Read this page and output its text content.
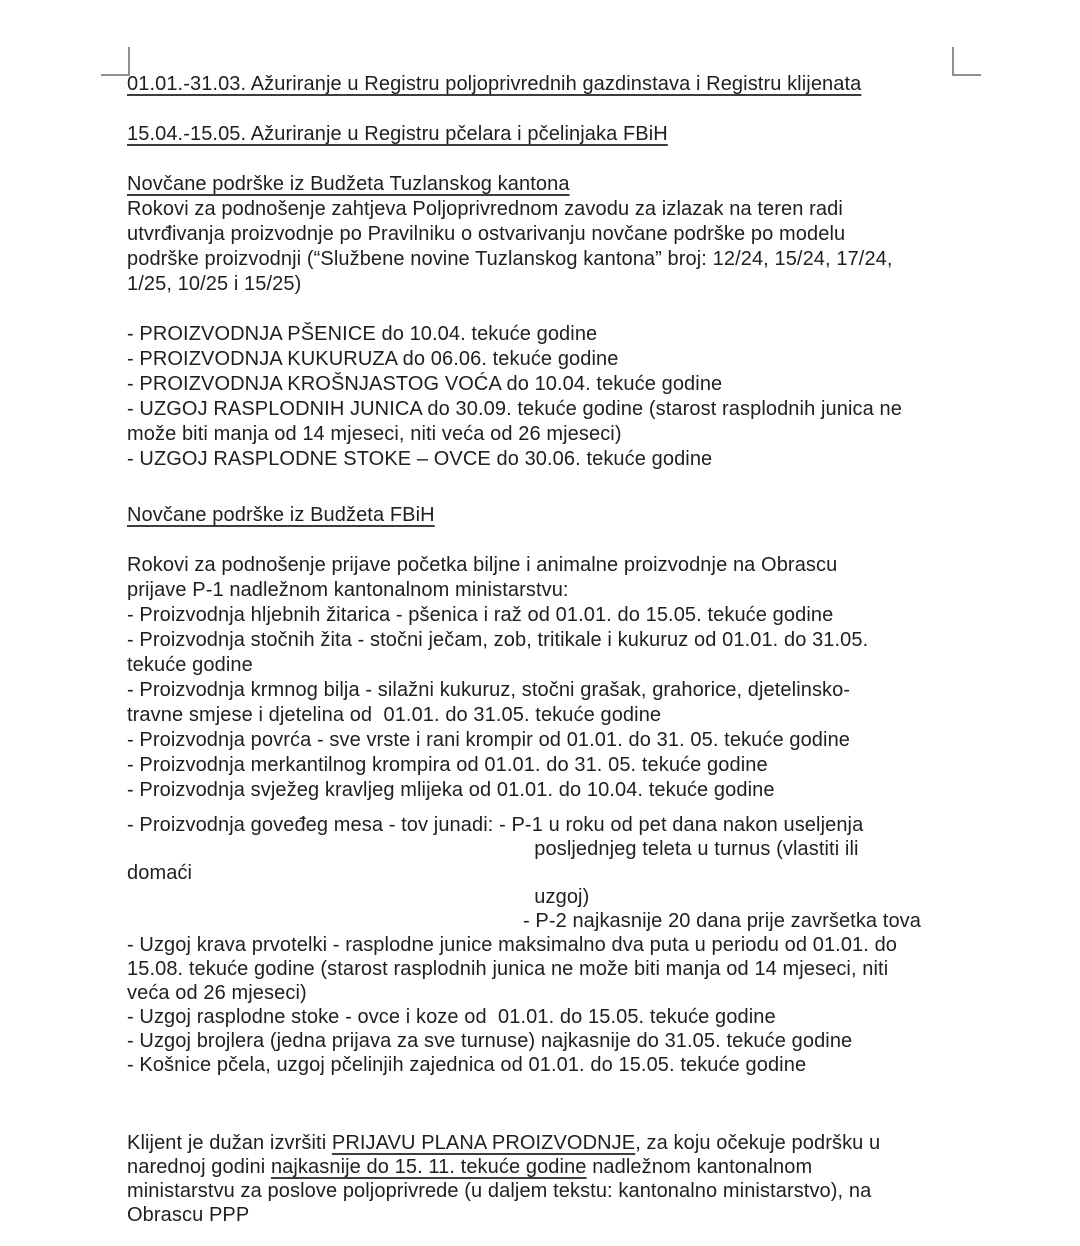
01.01.-31.03. Ažuriranje u Registru poljoprivrednih gazdinstava i Registru klijenata
15.04.-15.05. Ažuriranje u Registru pčelara i pčelinjaka FBiH
Novčane podrške iz Budžeta Tuzlanskog kantona
Rokovi za podnošenje zahtjeva Poljoprivrednom zavodu za izlazak na teren radi
utvrđivanja proizvodnje po Pravilniku o ostvarivanju novčane podrške po modelu
podrške proizvodnji (“Službene novine Tuzlanskog kantona” broj: 12/24, 15/24, 17/24,
1/25, 10/25 i 15/25)
- PROIZVODNJA PŠENICE do 10.04. tekuće godine
- PROIZVODNJA KUKURUZA do 06.06. tekuće godine
- PROIZVODNJA KROŠNJASTOG VOĆA do 10.04. tekuće godine
- UZGOJ RASPLODNIH JUNICA do 30.09. tekuće godine (starost rasplodnih junica ne
može biti manja od 14 mjeseci, niti veća od 26 mjeseci)
- UZGOJ RASPLODNE STOKE – OVCE do 30.06. tekuće godine
Novčane podrške iz Budžeta FBiH
Rokovi za podnošenje prijave početka biljne i animalne proizvodnje na Obrascu
prijave P-1 nadležnom kantonalnom ministarstvu:
- Proizvodnja hljebnih žitarica - pšenica i raž od 01.01. do 15.05. tekuće godine
- Proizvodnja stočnih žita - stočni ječam, zob, tritikale i kukuruz od 01.01. do 31.05.
tekuće godine
- Proizvodnja krmnog bilja - silažni kukuruz, stočni grašak, grahorice, djetelinsko-
travne smjese i djetelina od  01.01. do 31.05. tekuće godine
- Proizvodnja povrća - sve vrste i rani krompir od 01.01. do 31. 05. tekuće godine
- Proizvodnja merkantilnog krompira od 01.01. do 31. 05. tekuće godine
- Proizvodnja svježeg kravljeg mlijeka od 01.01. do 10.04. tekuće godine
- Proizvodnja goveđeg mesa - tov junadi: - P-1 u roku od pet dana nakon useljenja
posljednjeg teleta u turnus (vlastiti ili
domaći
uzgoj)
- P-2 najkasnije 20 dana prije završetka tova
- Uzgoj krava prvotelki - rasplodne junice maksimalno dva puta u periodu od 01.01. do
15.08. tekuće godine (starost rasplodnih junica ne može biti manja od 14 mjeseci, niti
veća od 26 mjeseci)
- Uzgoj rasplodne stoke - ovce i koze od  01.01. do 15.05. tekuće godine
- Uzgoj brojlera (jedna prijava za sve turnuse) najkasnije do 31.05. tekuće godine
- Košnice pčela, uzgoj pčelinjih zajednica od 01.01. do 15.05. tekuće godine
Klijent je dužan izvršiti PRIJAVU PLANA PROIZVODNJE, za koju očekuje podršku u
narednoj godini najkasnije do 15. 11. tekuće godine nadležnom kantonalnom
ministarstvu za poslove poljoprivrede (u daljem tekstu: kantonalno ministarstvo), na
Obrascu PPP
